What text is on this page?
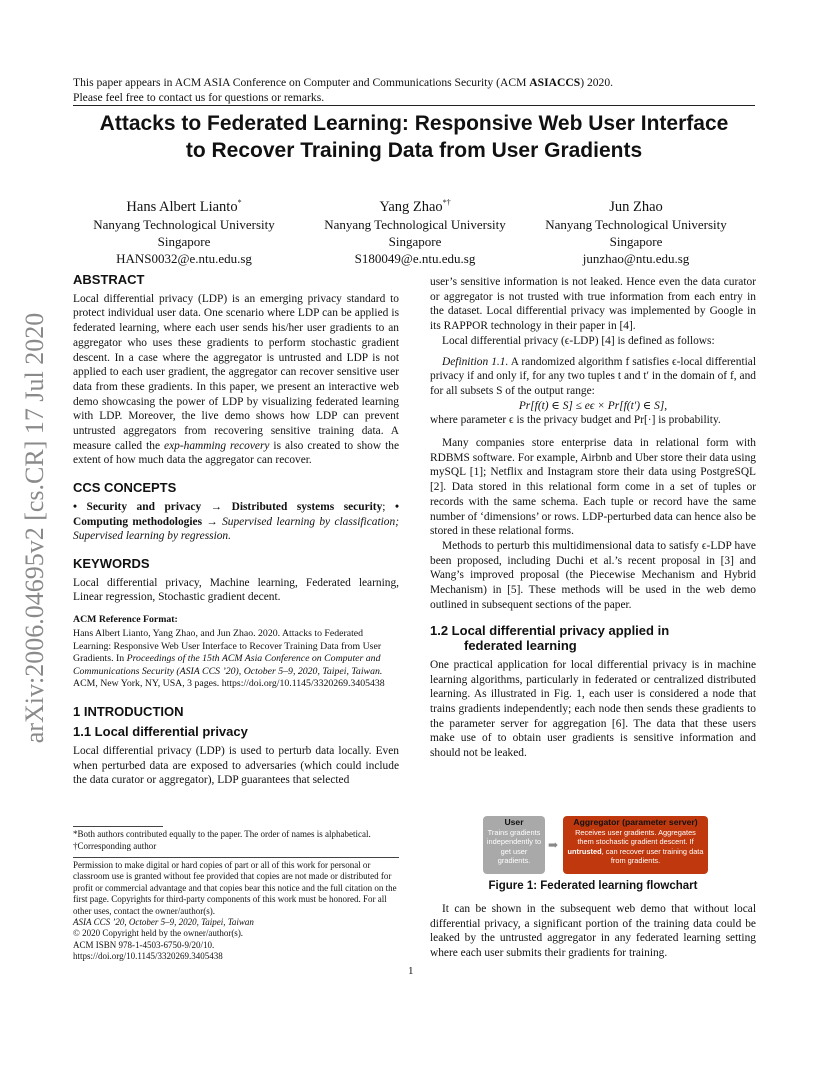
This paper appears in ACM ASIA Conference on Computer and Communications Security (ACM ASIACCS) 2020.
Please feel free to contact us for questions or remarks.
Attacks to Federated Learning: Responsive Web User Interface
to Recover Training Data from User Gradients
Hans Albert Lianto*
Nanyang Technological University
Singapore
HANS0032@e.ntu.edu.sg
Yang Zhao*†
Nanyang Technological University
Singapore
S180049@e.ntu.edu.sg
Jun Zhao
Nanyang Technological University
Singapore
junzhao@ntu.edu.sg
arXiv:2006.04695v2 [cs.CR] 17 Jul 2020

ABSTRACT

Local differential privacy (LDP) is an emerging privacy standard to protect individual user data. One scenario where LDP can be applied is federated learning, where each user sends his/her user gradients to an aggregator who uses these gradients to perform stochastic gradient descent. In a case where the aggregator is untrusted and LDP is not applied to each user gradient, the aggregator can recover sensitive user data from these gradients. In this paper, we present an interactive web demo showcasing the power of LDP by visualizing federated learning with LDP. Moreover, the live demo shows how LDP can prevent untrusted aggregators from recovering sensitive training data. A measure called the exp-hamming recovery is also created to show the extent of how much data the aggregator can recover.

CCS CONCEPTS

• Security and privacy → Distributed systems security; • Computing methodologies → Supervised learning by classification; Supervised learning by regression.

KEYWORDS

Local differential privacy, Machine learning, Federated learning, Linear regression, Stochastic gradient decent.

ACM Reference Format:

Hans Albert Lianto, Yang Zhao, and Jun Zhao. 2020. Attacks to Federated Learning: Responsive Web User Interface to Recover Training Data from User Gradients. In Proceedings of the 15th ACM Asia Conference on Computer and Communications Security (ASIA CCS ’20), October 5–9, 2020, Taipei, Taiwan. ACM, New York, NY, USA, 3 pages. https://doi.org/10.1145/3320269.3405438

1 INTRODUCTION

1.1 Local differential privacy

Local differential privacy (LDP) is used to perturb data locally. Even when perturbed data are exposed to adversaries (which could include the data curator or aggregator), LDP guarantees that selected

*Both authors contributed equally to the paper. The order of names is alphabetical.
†Corresponding author
Permission to make digital or hard copies of part or all of this work for personal or classroom use is granted without fee provided that copies are not made or distributed for profit or commercial advantage and that copies bear this notice and the full citation on the first page. Copyrights for third-party components of this work must be honored. For all other uses, contact the owner/author(s).
ASIA CCS ’20, October 5–9, 2020, Taipei, Taiwan
© 2020 Copyright held by the owner/author(s).
ACM ISBN 978-1-4503-6750-9/20/10.
https://doi.org/10.1145/3320269.3405438

user’s sensitive information is not leaked. Hence even the data curator or aggregator is not trusted with true information from each entry in the dataset. Local differential privacy was implemented by Google in its RAPPOR technology in their paper in [4].

Local differential privacy (ϵ-LDP) [4] is defined as follows:

Definition 1.1. A randomized algorithm f satisfies ϵ-local differential privacy if and only if, for any two tuples t and t′ in the domain of f, and for all subsets S of the output range:

Pr[f(t) ∈ S] ≤ eϵ × Pr[f(t′) ∈ S],

where parameter ϵ is the privacy budget and Pr[·] is probability.

Many companies store enterprise data in relational form with RDBMS software. For example, Airbnb and Uber store their data using mySQL [1]; Netflix and Instagram store their data using PostgreSQL [2]. Data stored in this relational form come in a set of tuples or records with the same schema. Each tuple or record have the same number of ‘dimensions’ or rows. LDP-perturbed data can hence also be stored in these relational forms.

Methods to perturb this multidimensional data to satisfy ϵ-LDP have been proposed, including Duchi et al.’s recent proposal in [3] and Wang’s improved proposal (the Piecewise Mechanism and Hybrid Mechanism) in [5]. These methods will be used in the web demo outlined in subsequent sections of the paper.

1.2 Local differential privacy applied in
federated learning

One practical application for local differential privacy is in machine learning algorithms, particularly in federated or centralized distributed learning. As illustrated in Fig. 1, each user is considered a node that trains gradients independently; each node then sends these gradients to the parameter server for aggregation [6]. The data that these users make use of to obtain user gradients is sensitive information and should not be leaked.

User
Trains gradients independently to get user gradients.
➡
Aggregator (parameter server)
Receives user gradients. Aggregates them stochastic gradient descent. If untrusted, can recover user training data from gradients.
Figure 1: Federated learning flowchart

It can be shown in the subsequent web demo that without local differential privacy, a significant portion of the training data could be leaked by the untrusted aggregator in any federated learning setting where each user submits their gradients for training.

1
